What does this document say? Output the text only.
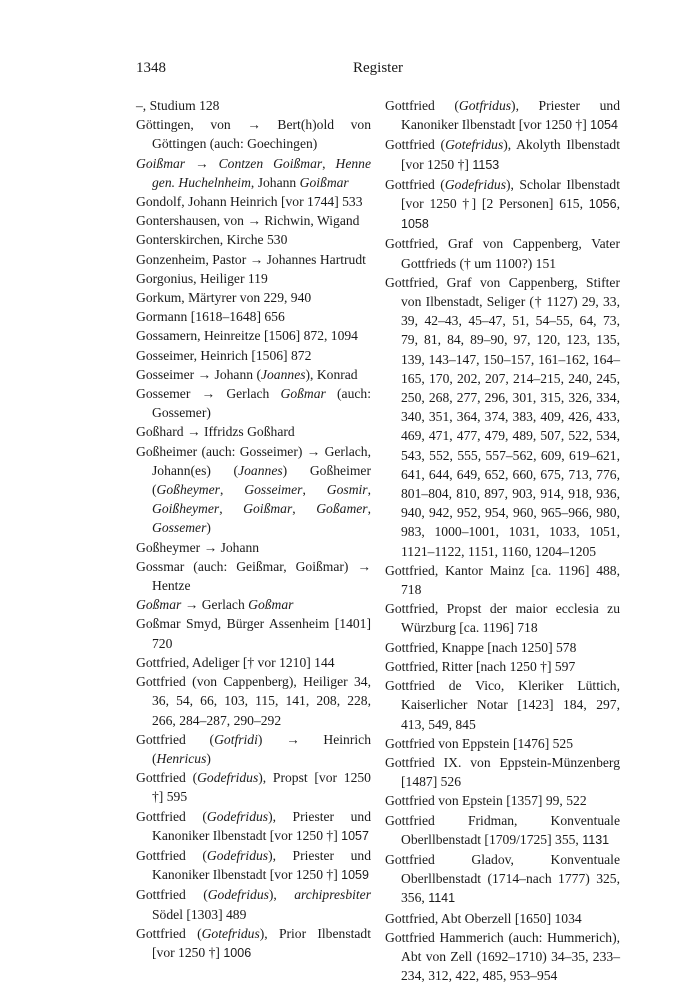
1348	Register
–, Studium 128
Göttingen, von → Bert(h)old von Göttingen (auch: Goechingen)
Goißmar → Contzen Goißmar, Henne gen. Huchelnheim, Johann Goißmar
Gondolf, Johann Heinrich [vor 1744] 533
Gontershausen, von → Richwin, Wigand
Gonterskirchen, Kirche 530
Gonzenheim, Pastor → Johannes Hartrudt
Gorgonius, Heiliger 119
Gorkum, Märtyrer von 229, 940
Gormann [1618–1648] 656
Gossamern, Heinreitze [1506] 872, 1094
Gosseimer, Heinrich [1506] 872
Gosseimer → Johann (Joannes), Konrad
Gossemer → Gerlach Goßmar (auch: Gossemer)
Goßhard → Iffridzs Goßhard
Goßheimer (auch: Gosseimer) → Gerlach, Johann(es) (Joannes) Goßheimer (Goßheymer, Gosseimer, Gosmir, Goißheymer, Goißmar, Goßamer, Gossemer)
Goßheymer → Johann
Gossmar (auch: Geißmar, Goißmar) → Hentze
Goßmar → Gerlach Goßmar
Goßmar Smyd, Bürger Assenheim [1401] 720
Gottfried, Adeliger [† vor 1210] 144
Gottfried (von Cappenberg), Heiliger 34, 36, 54, 66, 103, 115, 141, 208, 228, 266, 284–287, 290–292
Gottfried (Gotfridi) → Heinrich (Henricus)
Gottfried (Godefridus), Propst [vor 1250 †] 595
Gottfried (Godefridus), Priester und Kanoniker Ilbenstadt [vor 1250 †] 1057
Gottfried (Godefridus), Priester und Kanoniker Ilbenstadt [vor 1250 †] 1059
Gottfried (Godefridus), archipresbiter Södel [1303] 489
Gottfried (Gotefridus), Prior Ilbenstadt [vor 1250 †] 1006
Gottfried (Gotfridus), Priester und Kanoniker Ilbenstadt [vor 1250 †] 1054
Gottfried (Gotefridus), Akolyth Ilbenstadt [vor 1250 †] 1153
Gottfried (Godefridus), Scholar Ilbenstadt [vor 1250 †] [2 Personen] 615, 1056, 1058
Gottfried, Graf von Cappenberg, Vater Gottfrieds († um 1100?) 151
Gottfried, Graf von Cappenberg, Stifter von Ilbenstadt, Seliger († 1127) 29, 33, 39, 42–43, 45–47, 51, 54–55, 64, 73, 79, 81, 84, 89–90, 97, 120, 123, 135, 139, 143–147, 150–157, 161–162, 164–165, 170, 202, 207, 214–215, 240, 245, 250, 268, 277, 296, 301, 315, 326, 334, 340, 351, 364, 374, 383, 409, 426, 433, 469, 471, 477, 479, 489, 507, 522, 534, 543, 552, 555, 557–562, 609, 619–621, 641, 644, 649, 652, 660, 675, 713, 776, 801–804, 810, 897, 903, 914, 918, 936, 940, 942, 952, 954, 960, 965–966, 980, 983, 1000–1001, 1031, 1033, 1051, 1121–1122, 1151, 1160, 1204–1205
Gottfried, Kantor Mainz [ca. 1196] 488, 718
Gottfried, Propst der maior ecclesia zu Würzburg [ca. 1196] 718
Gottfried, Knappe [nach 1250] 578
Gottfried, Ritter [nach 1250 †] 597
Gottfried de Vico, Kleriker Lüttich, Kaiserlicher Notar [1423] 184, 297, 413, 549, 845
Gottfried von Eppstein [1476] 525
Gottfried IX. von Eppstein-Münzenberg [1487] 526
Gottfried von Epstein [1357] 99, 522
Gottfried Fridman, Konventuale Oberllbenstadt [1709/1725] 355, 1131
Gottfried Gladov, Konventuale Oberllbenstadt (1714–nach 1777) 325, 356, 1141
Gottfried, Abt Oberzell [1650] 1034
Gottfried Hammerich (auch: Hummerich), Abt von Zell (1692–1710) 34–35, 233–234, 312, 422, 485, 953–954
